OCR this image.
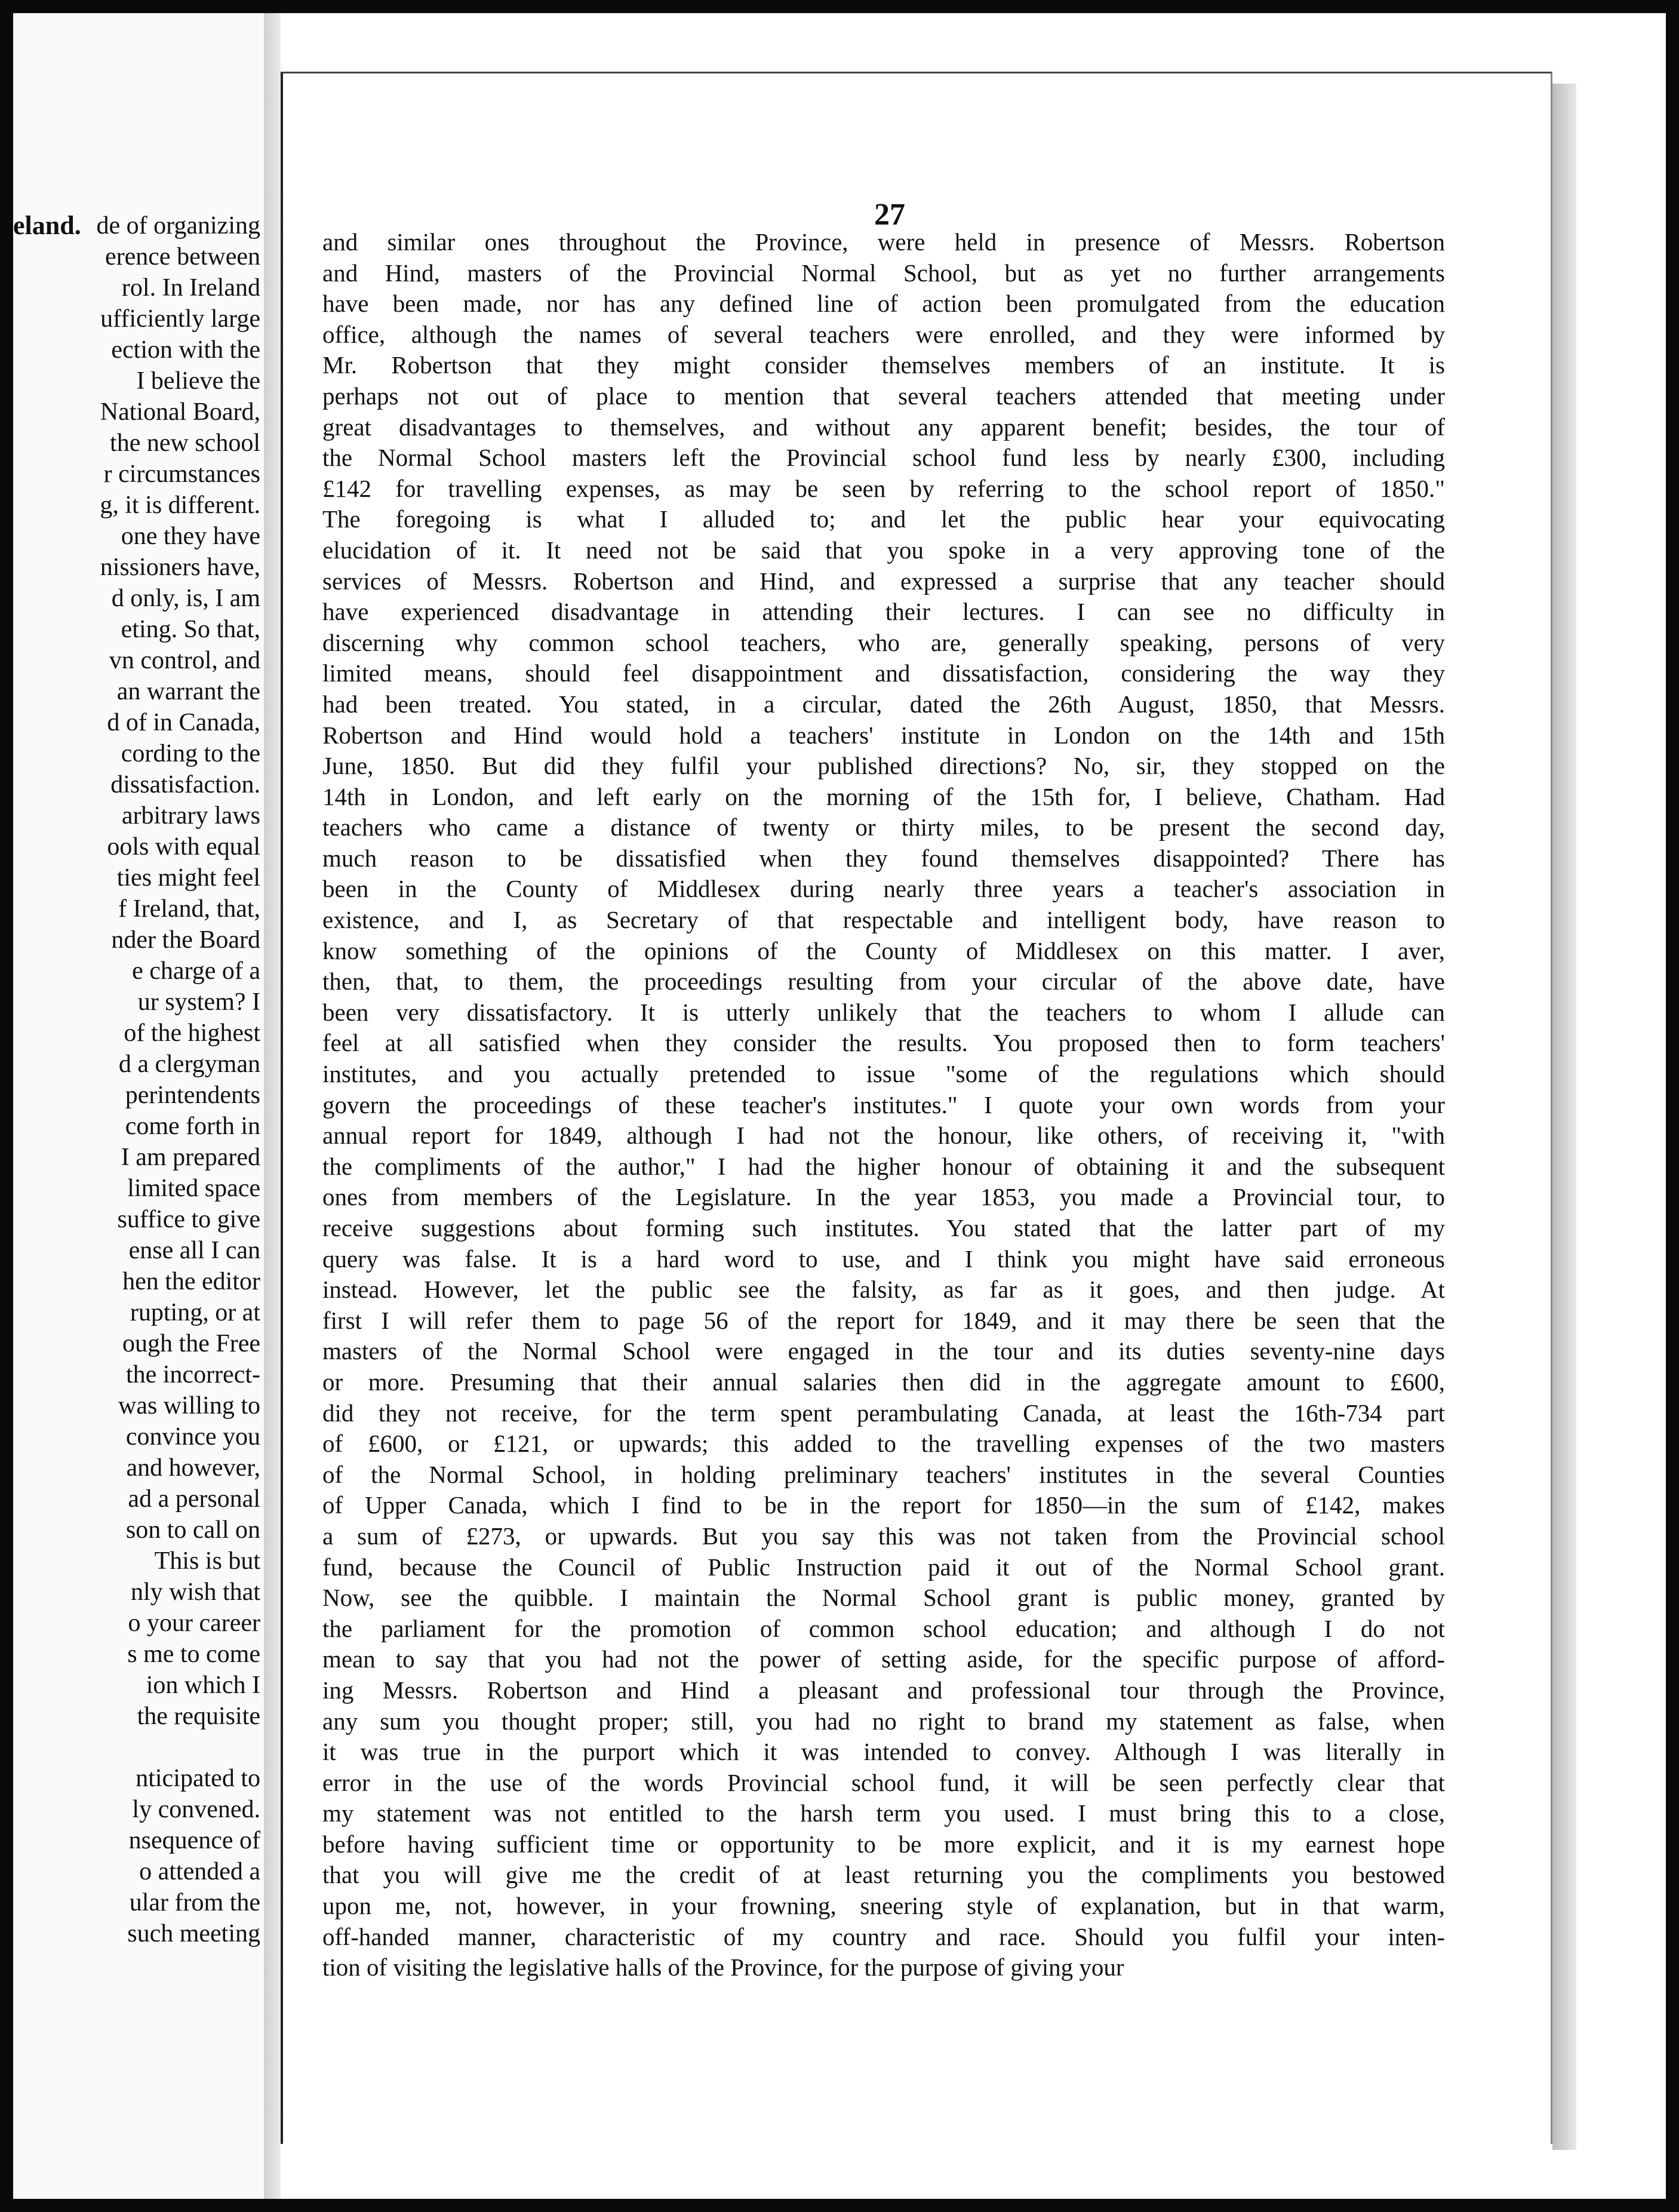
eland. de of organizing
erence between
rol. In Ireland
ufficiently large
ection with the
I believe the
National Board,
the new school
r circumstances
g, it is different.
one they have
nissioners have,
d only, is, I am
eting. So that,
vn control, and
an warrant the
d of in Canada,
cording to the
dissatisfaction.
arbitrary laws
ools with equal
ties might feel
f Ireland, that,
nder the Board
e charge of a
ur system? I
of the highest
d a clergyman
perintendents
come forth in
I am prepared
limited space
suffice to give
ense all I can
hen the editor
rupting, or at
ough the Free
the incorrect-
was willing to
convince you
and however,
ad a personal
son to call on
This is but
nly wish that
o your career
s me to come
ion which I
the requisite
nticipated to
ly convened.
nsequence of
o attended a
ular from the
such meeting
27
and similar ones throughout the Province, were held in presence of Messrs. Robertson
and Hind, masters of the Provincial Normal School, but as yet no further arrangements
have been made, nor has any defined line of action been promulgated from the education
office, although the names of several teachers were enrolled, and they were informed by
Mr. Robertson that they might consider themselves members of an institute. It is
perhaps not out of place to mention that several teachers attended that meeting under
great disadvantages to themselves, and without any apparent benefit; besides, the tour of
the Normal School masters left the Provincial school fund less by nearly £300, including
£142 for travelling expenses, as may be seen by referring to the school report of 1850."
The foregoing is what I alluded to; and let the public hear your equivocating
elucidation of it. It need not be said that you spoke in a very approving tone of the
services of Messrs. Robertson and Hind, and expressed a surprise that any teacher should
have experienced disadvantage in attending their lectures. I can see no difficulty in
discerning why common school teachers, who are, generally speaking, persons of very
limited means, should feel disappointment and dissatisfaction, considering the way they
had been treated. You stated, in a circular, dated the 26th August, 1850, that Messrs.
Robertson and Hind would hold a teachers' institute in London on the 14th and 15th
June, 1850. But did they fulfil your published directions? No, sir, they stopped on the
14th in London, and left early on the morning of the 15th for, I believe, Chatham. Had
teachers who came a distance of twenty or thirty miles, to be present the second day,
much reason to be dissatisfied when they found themselves disappointed? There has
been in the County of Middlesex during nearly three years a teacher's association in
existence, and I, as Secretary of that respectable and intelligent body, have reason to
know something of the opinions of the County of Middlesex on this matter. I aver,
then, that, to them, the proceedings resulting from your circular of the above date, have
been very dissatisfactory. It is utterly unlikely that the teachers to whom I allude can
feel at all satisfied when they consider the results. You proposed then to form teachers'
institutes, and you actually pretended to issue "some of the regulations which should
govern the proceedings of these teacher's institutes." I quote your own words from your
annual report for 1849, although I had not the honour, like others, of receiving it, "with
the compliments of the author," I had the higher honour of obtaining it and the subsequent
ones from members of the Legislature. In the year 1853, you made a Provincial tour, to
receive suggestions about forming such institutes. You stated that the latter part of my
query was false. It is a hard word to use, and I think you might have said erroneous
instead. However, let the public see the falsity, as far as it goes, and then judge. At
first I will refer them to page 56 of the report for 1849, and it may there be seen that the
masters of the Normal School were engaged in the tour and its duties seventy-nine days
or more. Presuming that their annual salaries then did in the aggregate amount to £600,
did they not receive, for the term spent perambulating Canada, at least the 16th-734 part
of £600, or £121, or upwards; this added to the travelling expenses of the two masters
of the Normal School, in holding preliminary teachers' institutes in the several Counties
of Upper Canada, which I find to be in the report for 1850—in the sum of £142, makes
a sum of £273, or upwards. But you say this was not taken from the Provincial school
fund, because the Council of Public Instruction paid it out of the Normal School grant.
Now, see the quibble. I maintain the Normal School grant is public money, granted by
the parliament for the promotion of common school education; and although I do not
mean to say that you had not the power of setting aside, for the specific purpose of afford-
ing Messrs. Robertson and Hind a pleasant and professional tour through the Province,
any sum you thought proper; still, you had no right to brand my statement as false, when
it was true in the purport which it was intended to convey. Although I was literally in
error in the use of the words Provincial school fund, it will be seen perfectly clear that
my statement was not entitled to the harsh term you used. I must bring this to a close,
before having sufficient time or opportunity to be more explicit, and it is my earnest hope
that you will give me the credit of at least returning you the compliments you bestowed
upon me, not, however, in your frowning, sneering style of explanation, but in that warm,
off-handed manner, characteristic of my country and race. Should you fulfil your inten-
tion of visiting the legislative halls of the Province, for the purpose of giving your
